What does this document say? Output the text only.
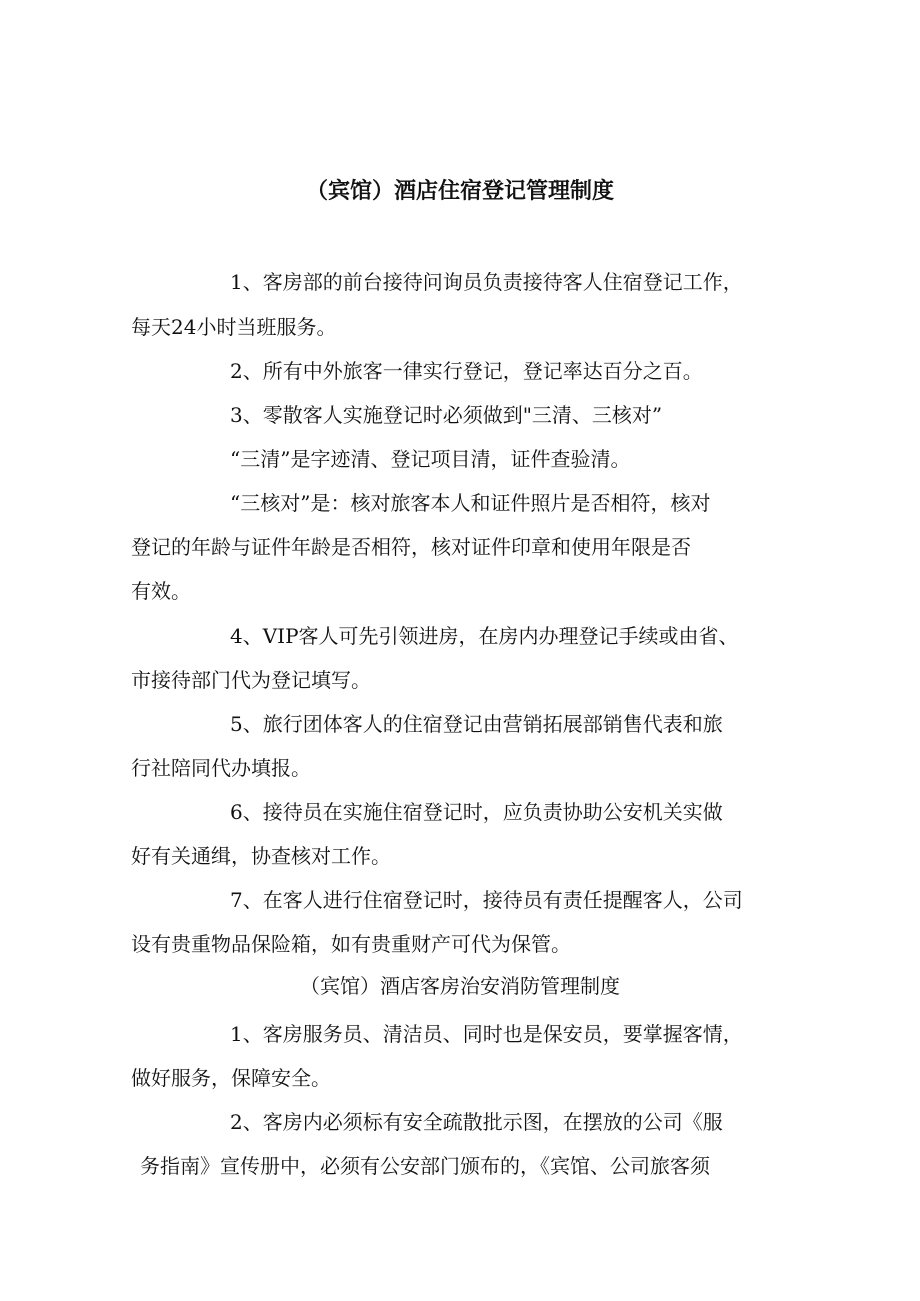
（宾馆）酒店住宿登记管理制度
1、客房部的前台接待问询员负责接待客人住宿登记工作，
每天24小时当班服务。
2、所有中外旅客一律实行登记，登记率达百分之百。
3、零散客人实施登记时必须做到"三清、三核对”
“三清”是字迹清、登记项目清，证件查验清。
“三核对”是：核对旅客本人和证件照片是否相符，核对
登记的年龄与证件年龄是否相符，核对证件印章和使用年限是否
有效。
4、VIP客人可先引领进房，在房内办理登记手续或由省、
市接待部门代为登记填写。
5、旅行团体客人的住宿登记由营销拓展部销售代表和旅
行社陪同代办填报。
6、接待员在实施住宿登记时，应负责协助公安机关实做
好有关通缉，协查核对工作。
7、在客人进行住宿登记时，接待员有责任提醒客人，公司
设有贵重物品保险箱，如有贵重财产可代为保管。
（宾馆）酒店客房治安消防管理制度
1、客房服务员、清洁员、同时也是保安员，要掌握客情，
做好服务，保障安全。
2、客房内必须标有安全疏散批示图，在摆放的公司《服
务指南》宣传册中，必须有公安部门颁布的，《宾馆、公司旅客须
